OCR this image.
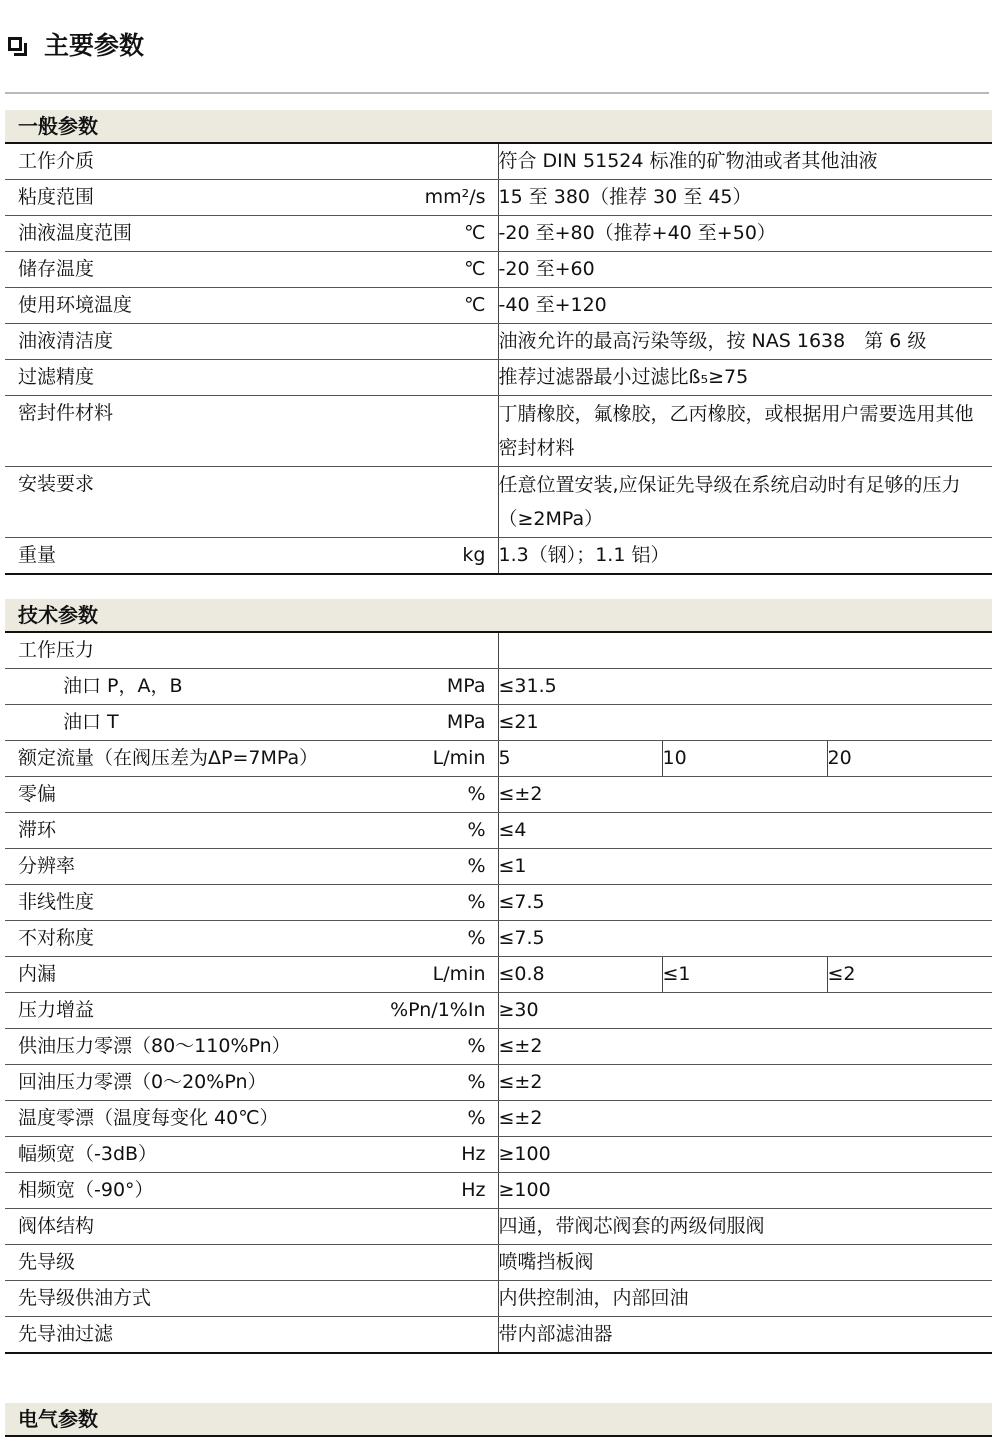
主要参数
一般参数
工作介质	符合 DIN 51524 标准的矿物油或者其他油液

粘度范围 mm²/s	15 至 380（推荐 30 至 45）

油液温度范围 ℃	-20 至+80（推荐+40 至+50）

储存温度 ℃	-20 至+60

使用环境温度 ℃	-40 至+120

油液清洁度	油液允许的最高污染等级，按 NAS 1638　第 6 级

过滤精度	推荐过滤器最小过滤比ß₅≥75

密封件材料	丁腈橡胶，氟橡胶，乙丙橡胶，或根据用户需要选用其他密封材料

安装要求	任意位置安装,应保证先导级在系统启动时有足够的压力（≥2MPa）

重量 kg	1.3（钢）；1.1 铝）
技术参数
工作压力			

油口 P，A，B MPa	≤31.5		

油口 T MPa	≤21		

额定流量（在阀压差为ΔP=7MPa） L/min	5	10	20

零偏 %	≤±2		

滞环 %	≤4		

分辨率 %	≤1		

非线性度 %	≤7.5		

不对称度 %	≤7.5		

内漏 L/min	≤0.8	≤1	≤2

压力增益 %Pn/1%In	≥30		

供油压力零漂（80～110%Pn） %	≤±2		

回油压力零漂（0～20%Pn） %	≤±2		

温度零漂（温度每变化 40℃） %	≤±2		

幅频宽（-3dB） Hz	≥100		

相频宽（-90°） Hz	≥100		

阀体结构	四通，带阀芯阀套的两级伺服阀		

先导级	喷嘴挡板阀		

先导级供油方式	内供控制油，内部回油		

先导油过滤	带内部滤油器		
电气参数
